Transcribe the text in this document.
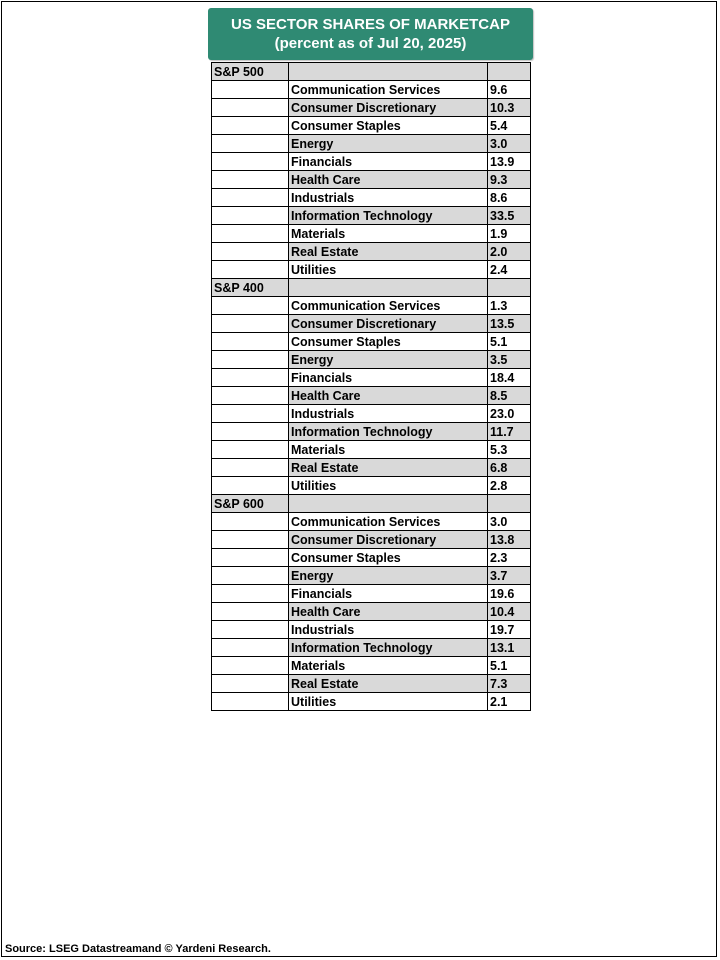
US SECTOR SHARES OF MARKETCAP
(percent as of Jul 20, 2025)
S&P 500		
	Communication Services	9.6
	Consumer Discretionary	10.3
	Consumer Staples	5.4
	Energy	3.0
	Financials	13.9
	Health Care	9.3
	Industrials	8.6
	Information Technology	33.5
	Materials	1.9
	Real Estate	2.0
	Utilities	2.4
S&P 400		
	Communication Services	1.3
	Consumer Discretionary	13.5
	Consumer Staples	5.1
	Energy	3.5
	Financials	18.4
	Health Care	8.5
	Industrials	23.0
	Information Technology	11.7
	Materials	5.3
	Real Estate	6.8
	Utilities	2.8
S&P 600		
	Communication Services	3.0
	Consumer Discretionary	13.8
	Consumer Staples	2.3
	Energy	3.7
	Financials	19.6
	Health Care	10.4
	Industrials	19.7
	Information Technology	13.1
	Materials	5.1
	Real Estate	7.3
	Utilities	2.1
Source: LSEG Datastreamand © Yardeni Research.
